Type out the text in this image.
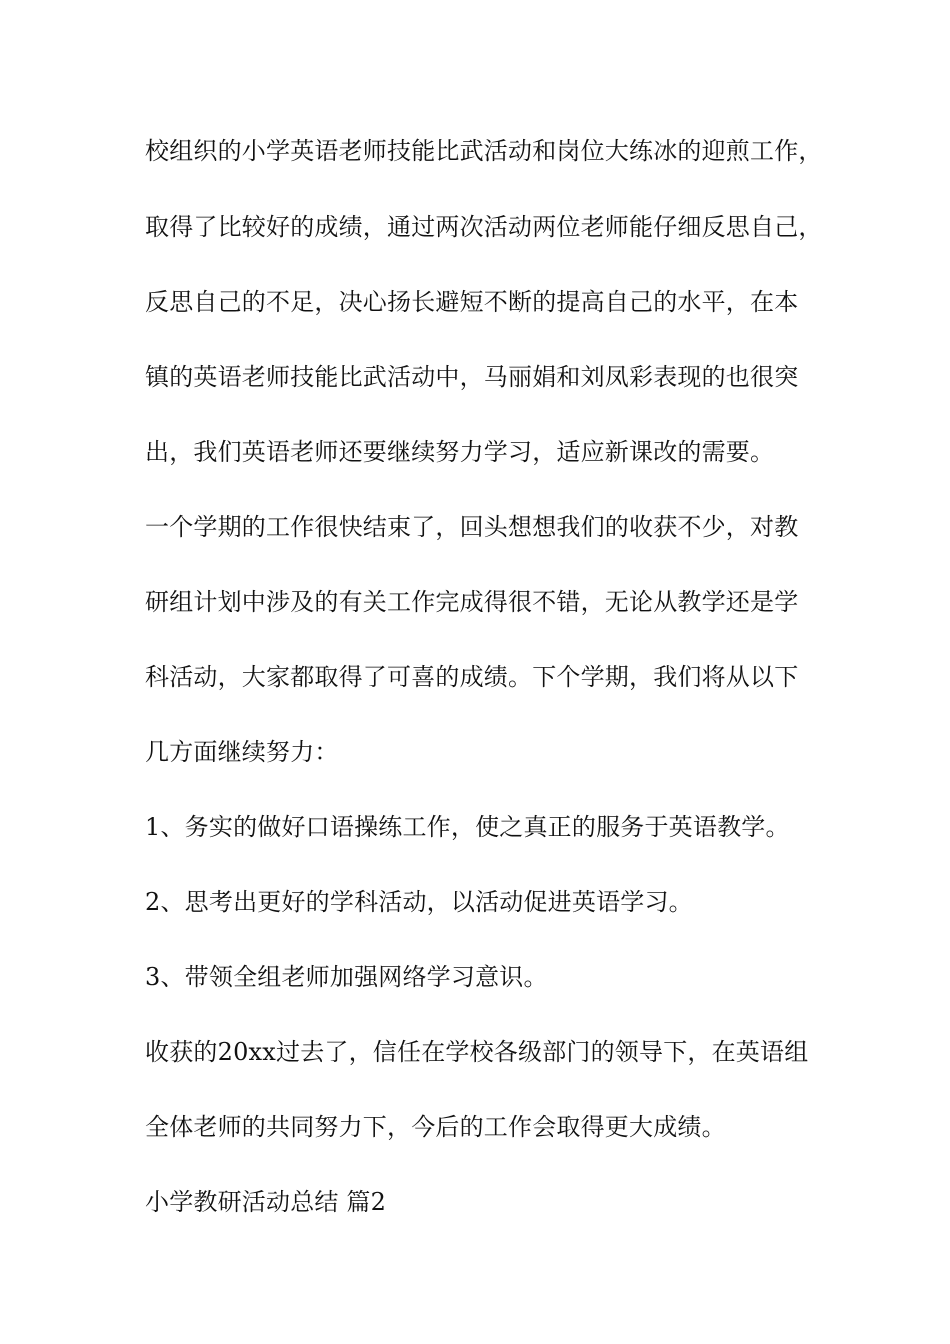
校组织的小学英语老师技能比武活动和岗位大练冰的迎煎工作，
取得了比较好的成绩，通过两次活动两位老师能仔细反思自己，
反思自己的不足，决心扬长避短不断的提高自己的水平，在本
镇的英语老师技能比武活动中，马丽娟和刘凤彩表现的也很突
出，我们英语老师还要继续努力学习，适应新课改的需要。
一个学期的工作很快结束了，回头想想我们的收获不少，对教
研组计划中涉及的有关工作完成得很不错，无论从教学还是学
科活动，大家都取得了可喜的成绩。下个学期，我们将从以下
几方面继续努力：
1、务实的做好口语操练工作，使之真正的服务于英语教学。
2、思考出更好的学科活动，以活动促进英语学习。
3、带领全组老师加强网络学习意识。
收获的20xx过去了，信任在学校各级部门的领导下，在英语组
全体老师的共同努力下，今后的工作会取得更大成绩。
小学教研活动总结 篇2
